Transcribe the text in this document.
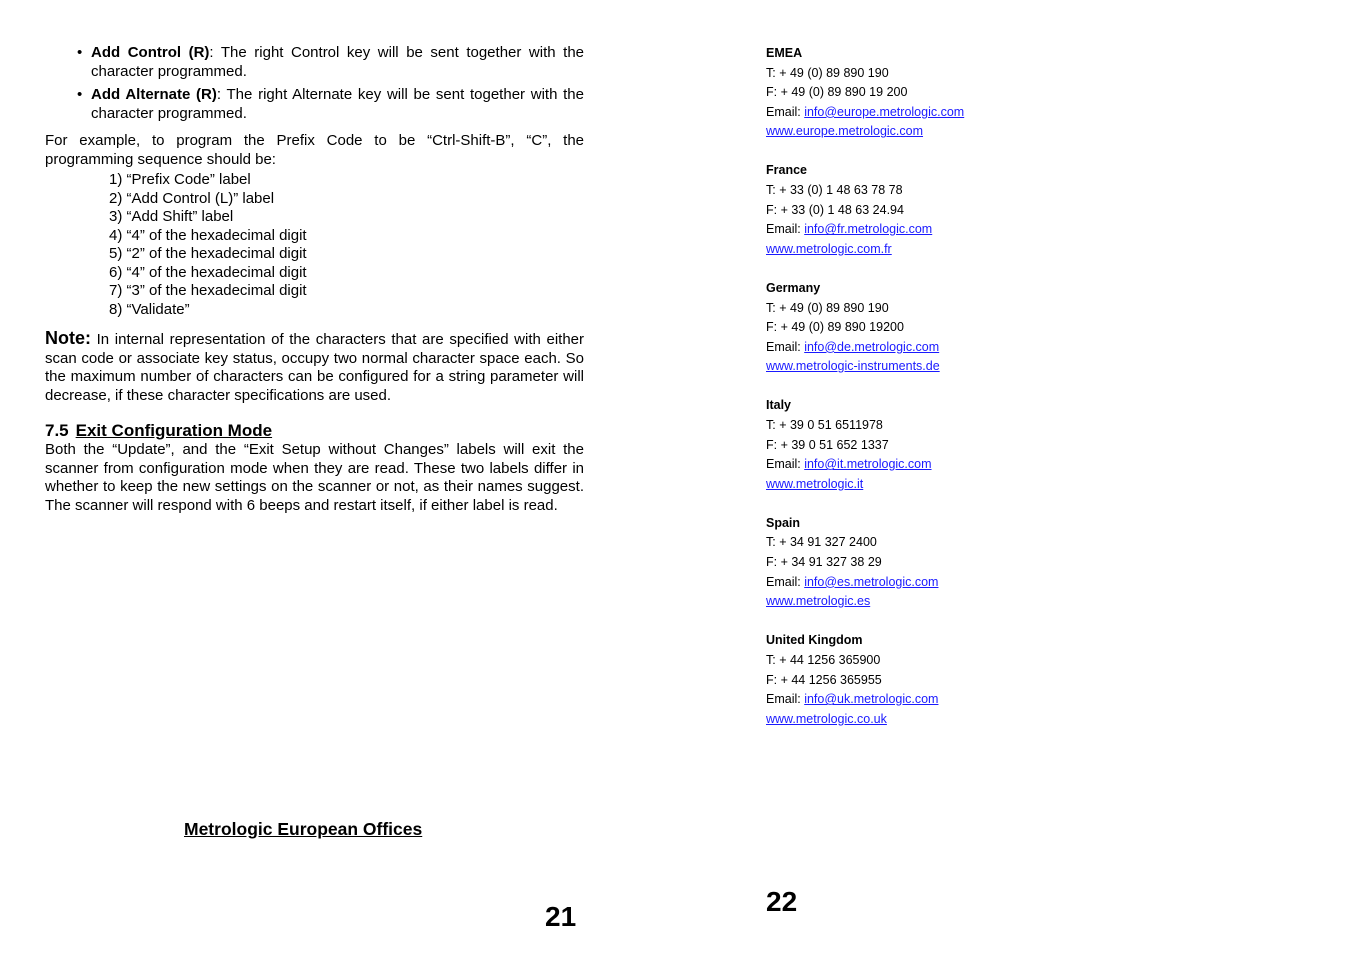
• Add Control (R): The right Control key will be sent together with the character programmed.
• Add Alternate (R): The right Alternate key will be sent together with the character programmed.

For example, to program the Prefix Code to be “Ctrl-Shift-B”, “C”, the programming sequence should be:

1) “Prefix Code” label
2) “Add Control (L)” label
3) “Add Shift” label
4) “4” of the hexadecimal digit
5) “2” of the hexadecimal digit
6) “4” of the hexadecimal digit
7) “3” of the hexadecimal digit
8) “Validate”

Note: In internal representation of the characters that are specified with either scan code or associate key status, occupy two normal character space each. So the maximum number of characters can be configured for a string parameter will decrease, if these character specifications are used.

7.5 Exit Configuration Mode

Both the “Update”, and the “Exit Setup without Changes” labels will exit the scanner from configuration mode when they are read. These two labels differ in whether to keep the new settings on the scanner or not, as their names suggest. The scanner will respond with 6 beeps and restart itself, if either label is read.

Metrologic European Offices
21
EMEA
T: + 49 (0) 89 890 190
F: + 49 (0) 89 890 19 200
Email: info@europe.metrologic.com
www.europe.metrologic.com
France
T: + 33 (0) 1 48 63 78 78
F: + 33 (0) 1 48 63 24.94
Email: info@fr.metrologic.com
www.metrologic.com.fr
Germany
T: + 49 (0) 89 890 190
F: + 49 (0) 89 890 19200
Email: info@de.metrologic.com
www.metrologic-instruments.de
Italy
T: + 39 0 51 6511978
F: + 39 0 51 652 1337
Email: info@it.metrologic.com
www.metrologic.it
Spain
T: + 34 91 327 2400
F: + 34 91 327 38 29
Email: info@es.metrologic.com
www.metrologic.es
United Kingdom
T: + 44 1256 365900
F: + 44 1256 365955
Email: info@uk.metrologic.com
www.metrologic.co.uk
22
